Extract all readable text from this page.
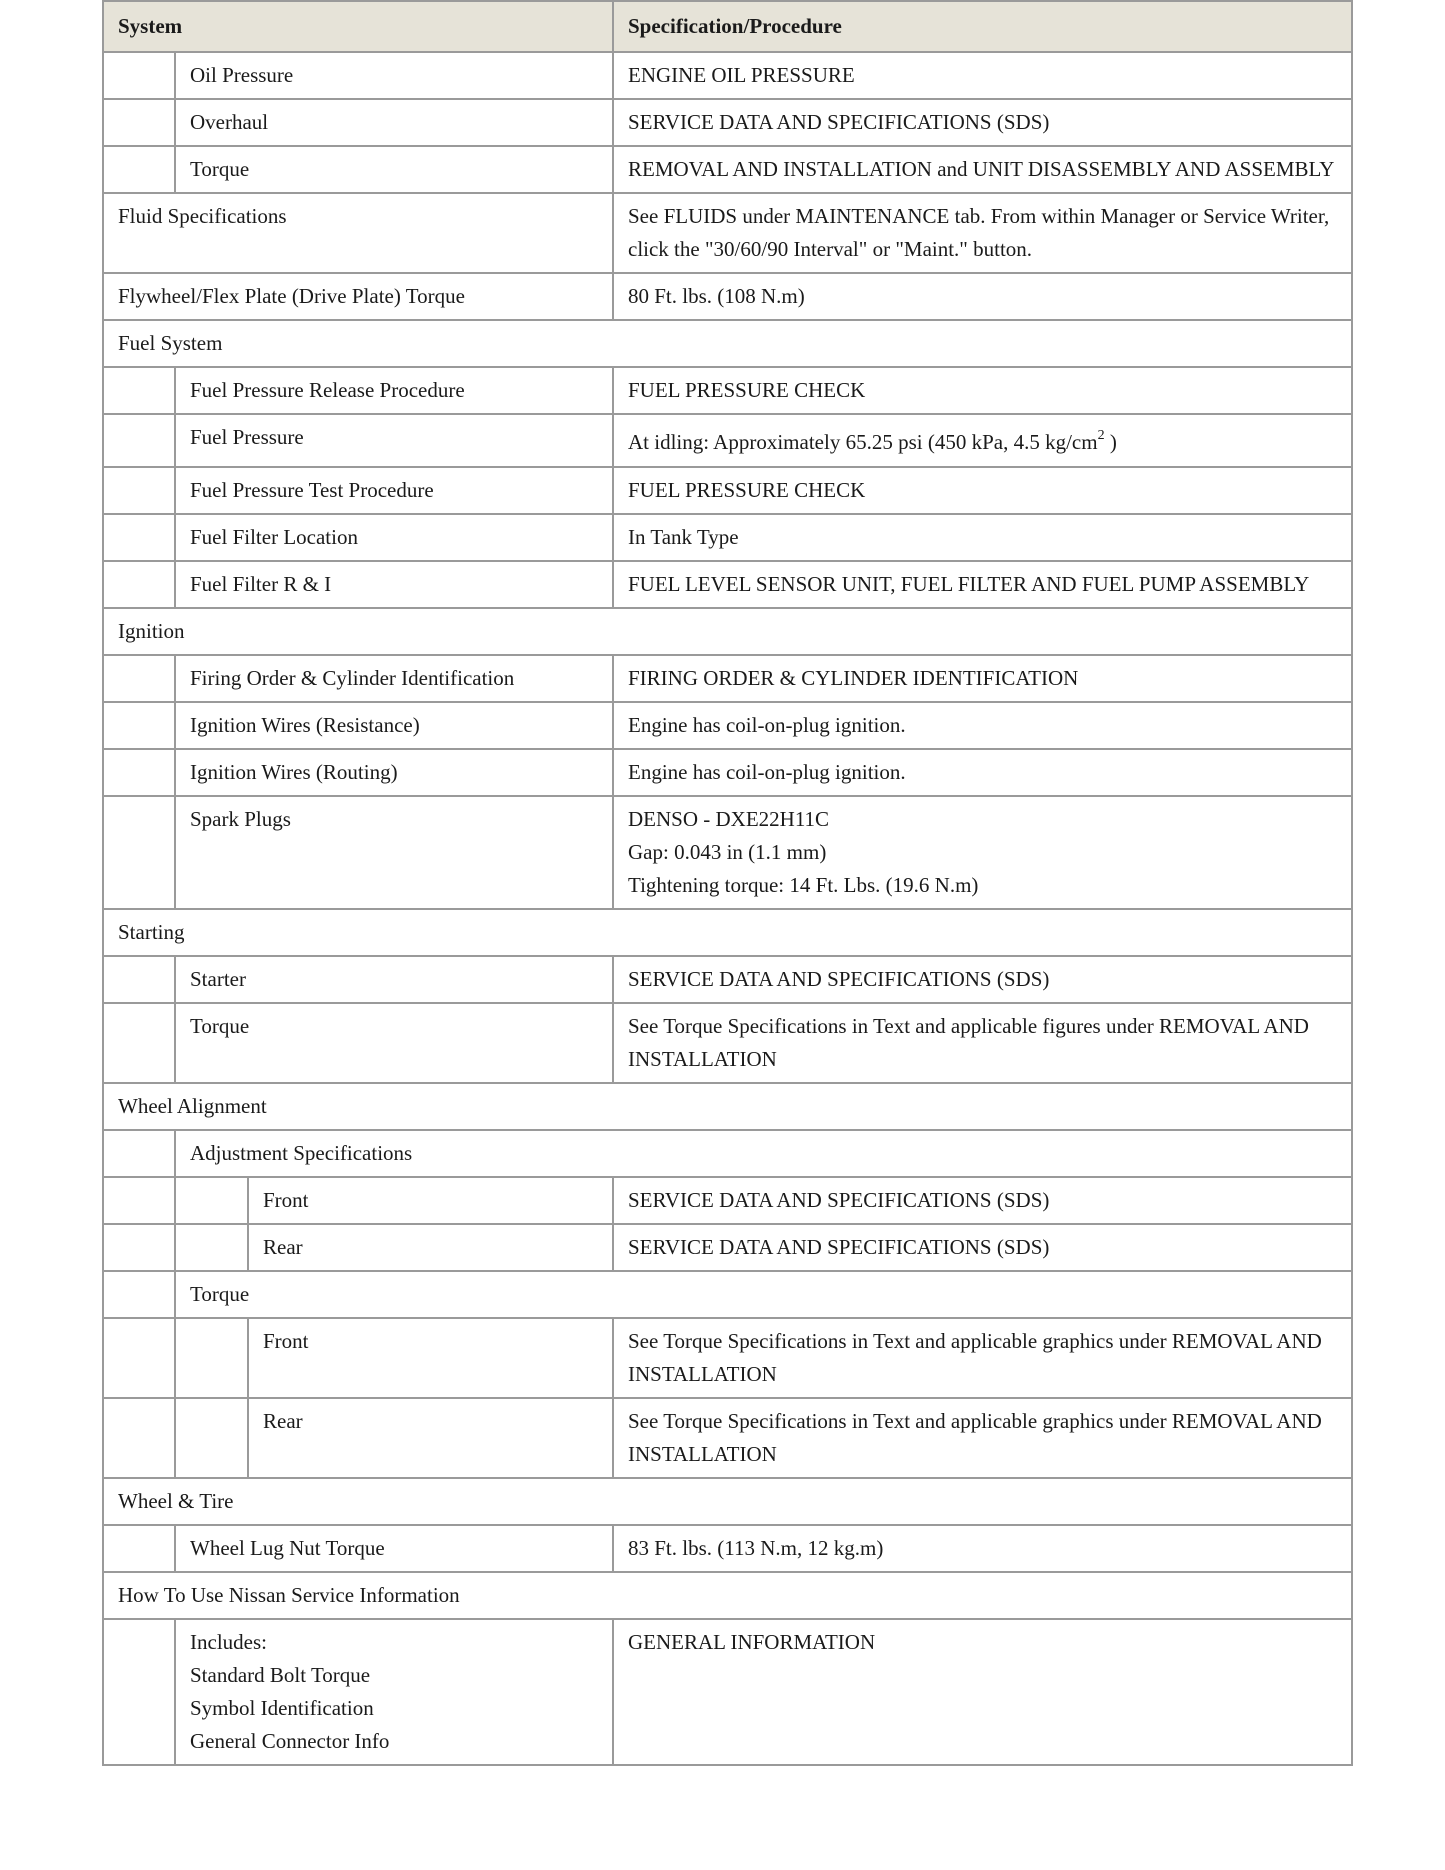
System			Specification/Procedure
	Oil Pressure		ENGINE OIL PRESSURE
	Overhaul		SERVICE DATA AND SPECIFICATIONS (SDS)
	Torque		REMOVAL AND INSTALLATION and UNIT DISASSEMBLY AND ASSEMBLY
Fluid Specifications			See FLUIDS under MAINTENANCE tab. From within Manager or Service Writer, click the "30/60/90 Interval" or "Maint." button.
Flywheel/Flex Plate (Drive Plate) Torque			80 Ft. lbs. (108 N.m)
Fuel System			
	Fuel Pressure Release Procedure		FUEL PRESSURE CHECK
	Fuel Pressure		At idling: Approximately 65.25 psi (450 kPa, 4.5 $kg/cm^2$ )
	Fuel Pressure Test Procedure		FUEL PRESSURE CHECK
	Fuel Filter Location		In Tank Type
	Fuel Filter R & I		FUEL LEVEL SENSOR UNIT, FUEL FILTER AND FUEL PUMP ASSEMBLY
Ignition			
	Firing Order & Cylinder Identification		FIRING ORDER & CYLINDER IDENTIFICATION
	Ignition Wires (Resistance)		Engine has coil-on-plug ignition.
	Ignition Wires (Routing)		Engine has coil-on-plug ignition.
	Spark Plugs		DENSO - DXE22H11C
Gap: 0.043 in (1.1 mm)
Tightening torque: 14 Ft. Lbs. (19.6 N.m)

Starting			
	Starter		SERVICE DATA AND SPECIFICATIONS (SDS)
	Torque		See Torque Specifications in Text and applicable figures under REMOVAL AND INSTALLATION
Wheel Alignment			
	Adjustment Specifications		
		Front	SERVICE DATA AND SPECIFICATIONS (SDS)
		Rear	SERVICE DATA AND SPECIFICATIONS (SDS)
	Torque		
		Front	See Torque Specifications in Text and applicable graphics under REMOVAL AND INSTALLATION
		Rear	See Torque Specifications in Text and applicable graphics under REMOVAL AND INSTALLATION
Wheel & Tire			
	Wheel Lug Nut Torque		83 Ft. lbs. (113 N.m, 12 kg.m)
How To Use Nissan Service Information			

	Includes:
Standard Bolt Torque
Symbol Identification
General Connector Info		GENERAL INFORMATION
